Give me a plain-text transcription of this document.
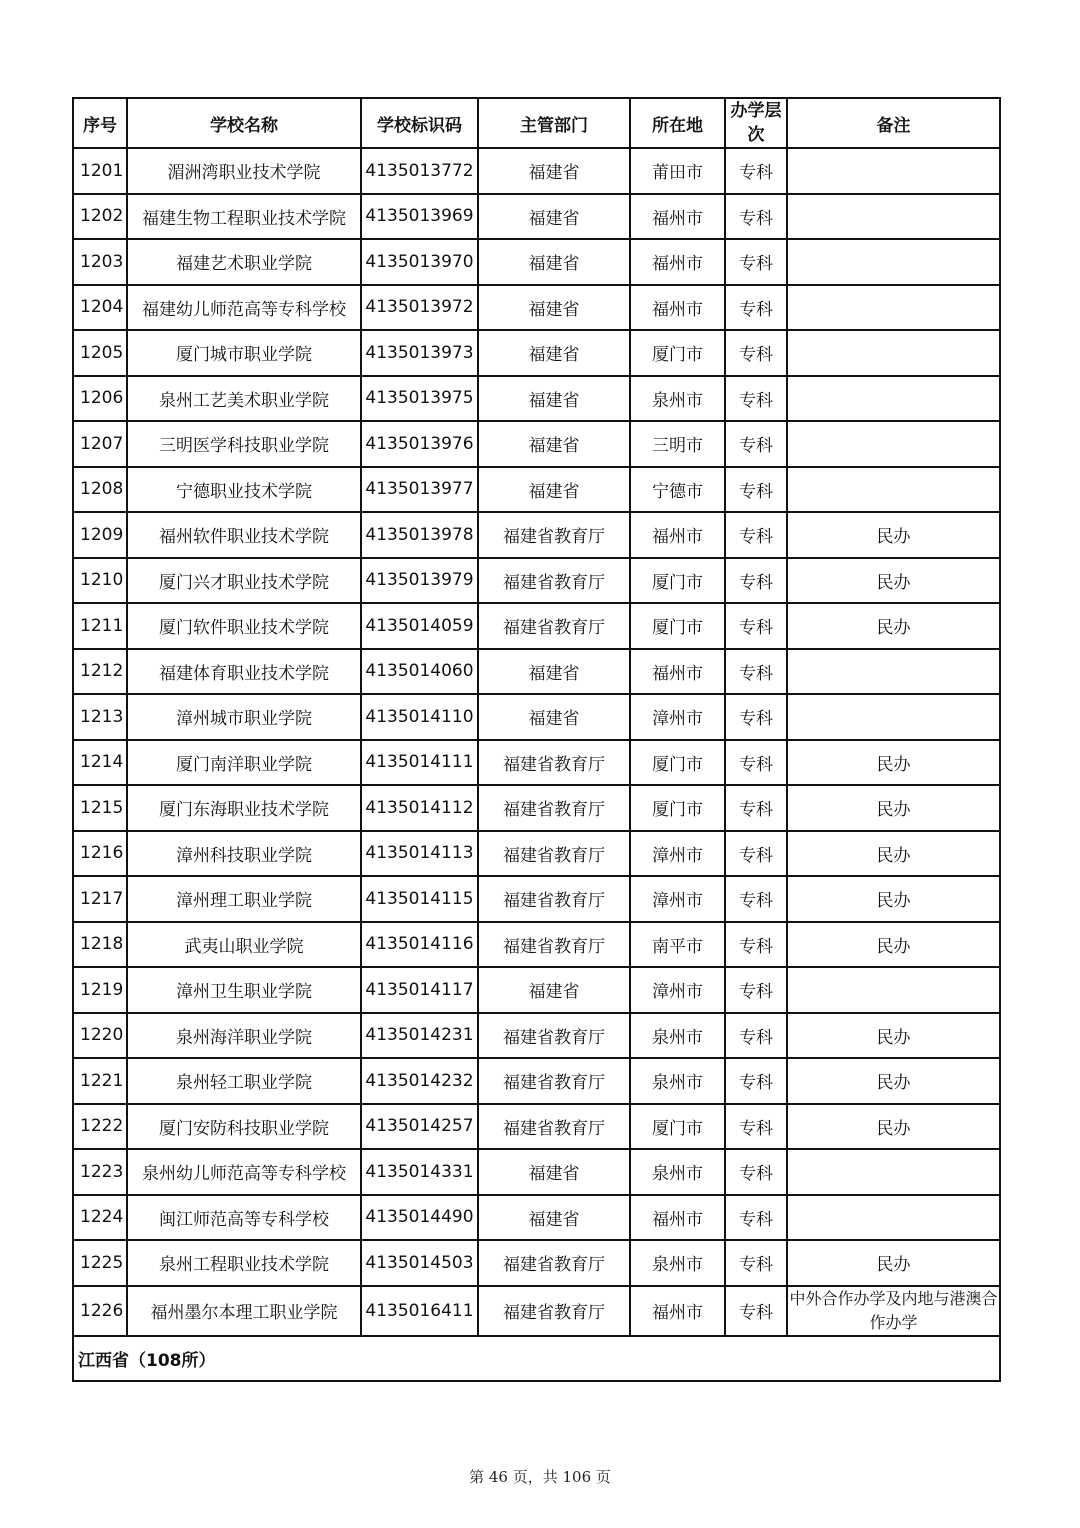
序号	学校名称	学校标识码	主管部门	所在地	办学层次	备注
1201	湄洲湾职业技术学院	4135013772	福建省	莆田市	专科	
1202	福建生物工程职业技术学院	4135013969	福建省	福州市	专科	
1203	福建艺术职业学院	4135013970	福建省	福州市	专科	
1204	福建幼儿师范高等专科学校	4135013972	福建省	福州市	专科	
1205	厦门城市职业学院	4135013973	福建省	厦门市	专科	
1206	泉州工艺美术职业学院	4135013975	福建省	泉州市	专科	
1207	三明医学科技职业学院	4135013976	福建省	三明市	专科	
1208	宁德职业技术学院	4135013977	福建省	宁德市	专科	
1209	福州软件职业技术学院	4135013978	福建省教育厅	福州市	专科	民办
1210	厦门兴才职业技术学院	4135013979	福建省教育厅	厦门市	专科	民办
1211	厦门软件职业技术学院	4135014059	福建省教育厅	厦门市	专科	民办
1212	福建体育职业技术学院	4135014060	福建省	福州市	专科	
1213	漳州城市职业学院	4135014110	福建省	漳州市	专科	
1214	厦门南洋职业学院	4135014111	福建省教育厅	厦门市	专科	民办
1215	厦门东海职业技术学院	4135014112	福建省教育厅	厦门市	专科	民办
1216	漳州科技职业学院	4135014113	福建省教育厅	漳州市	专科	民办
1217	漳州理工职业学院	4135014115	福建省教育厅	漳州市	专科	民办
1218	武夷山职业学院	4135014116	福建省教育厅	南平市	专科	民办
1219	漳州卫生职业学院	4135014117	福建省	漳州市	专科	
1220	泉州海洋职业学院	4135014231	福建省教育厅	泉州市	专科	民办
1221	泉州轻工职业学院	4135014232	福建省教育厅	泉州市	专科	民办
1222	厦门安防科技职业学院	4135014257	福建省教育厅	厦门市	专科	民办
1223	泉州幼儿师范高等专科学校	4135014331	福建省	泉州市	专科	
1224	闽江师范高等专科学校	4135014490	福建省	福州市	专科	
1225	泉州工程职业技术学院	4135014503	福建省教育厅	泉州市	专科	民办
1226	福州墨尔本理工职业学院	4135016411	福建省教育厅	福州市	专科	中外合作办学及内地与港澳合作办学
江西省（108所）						
第 46 页，共 106 页
